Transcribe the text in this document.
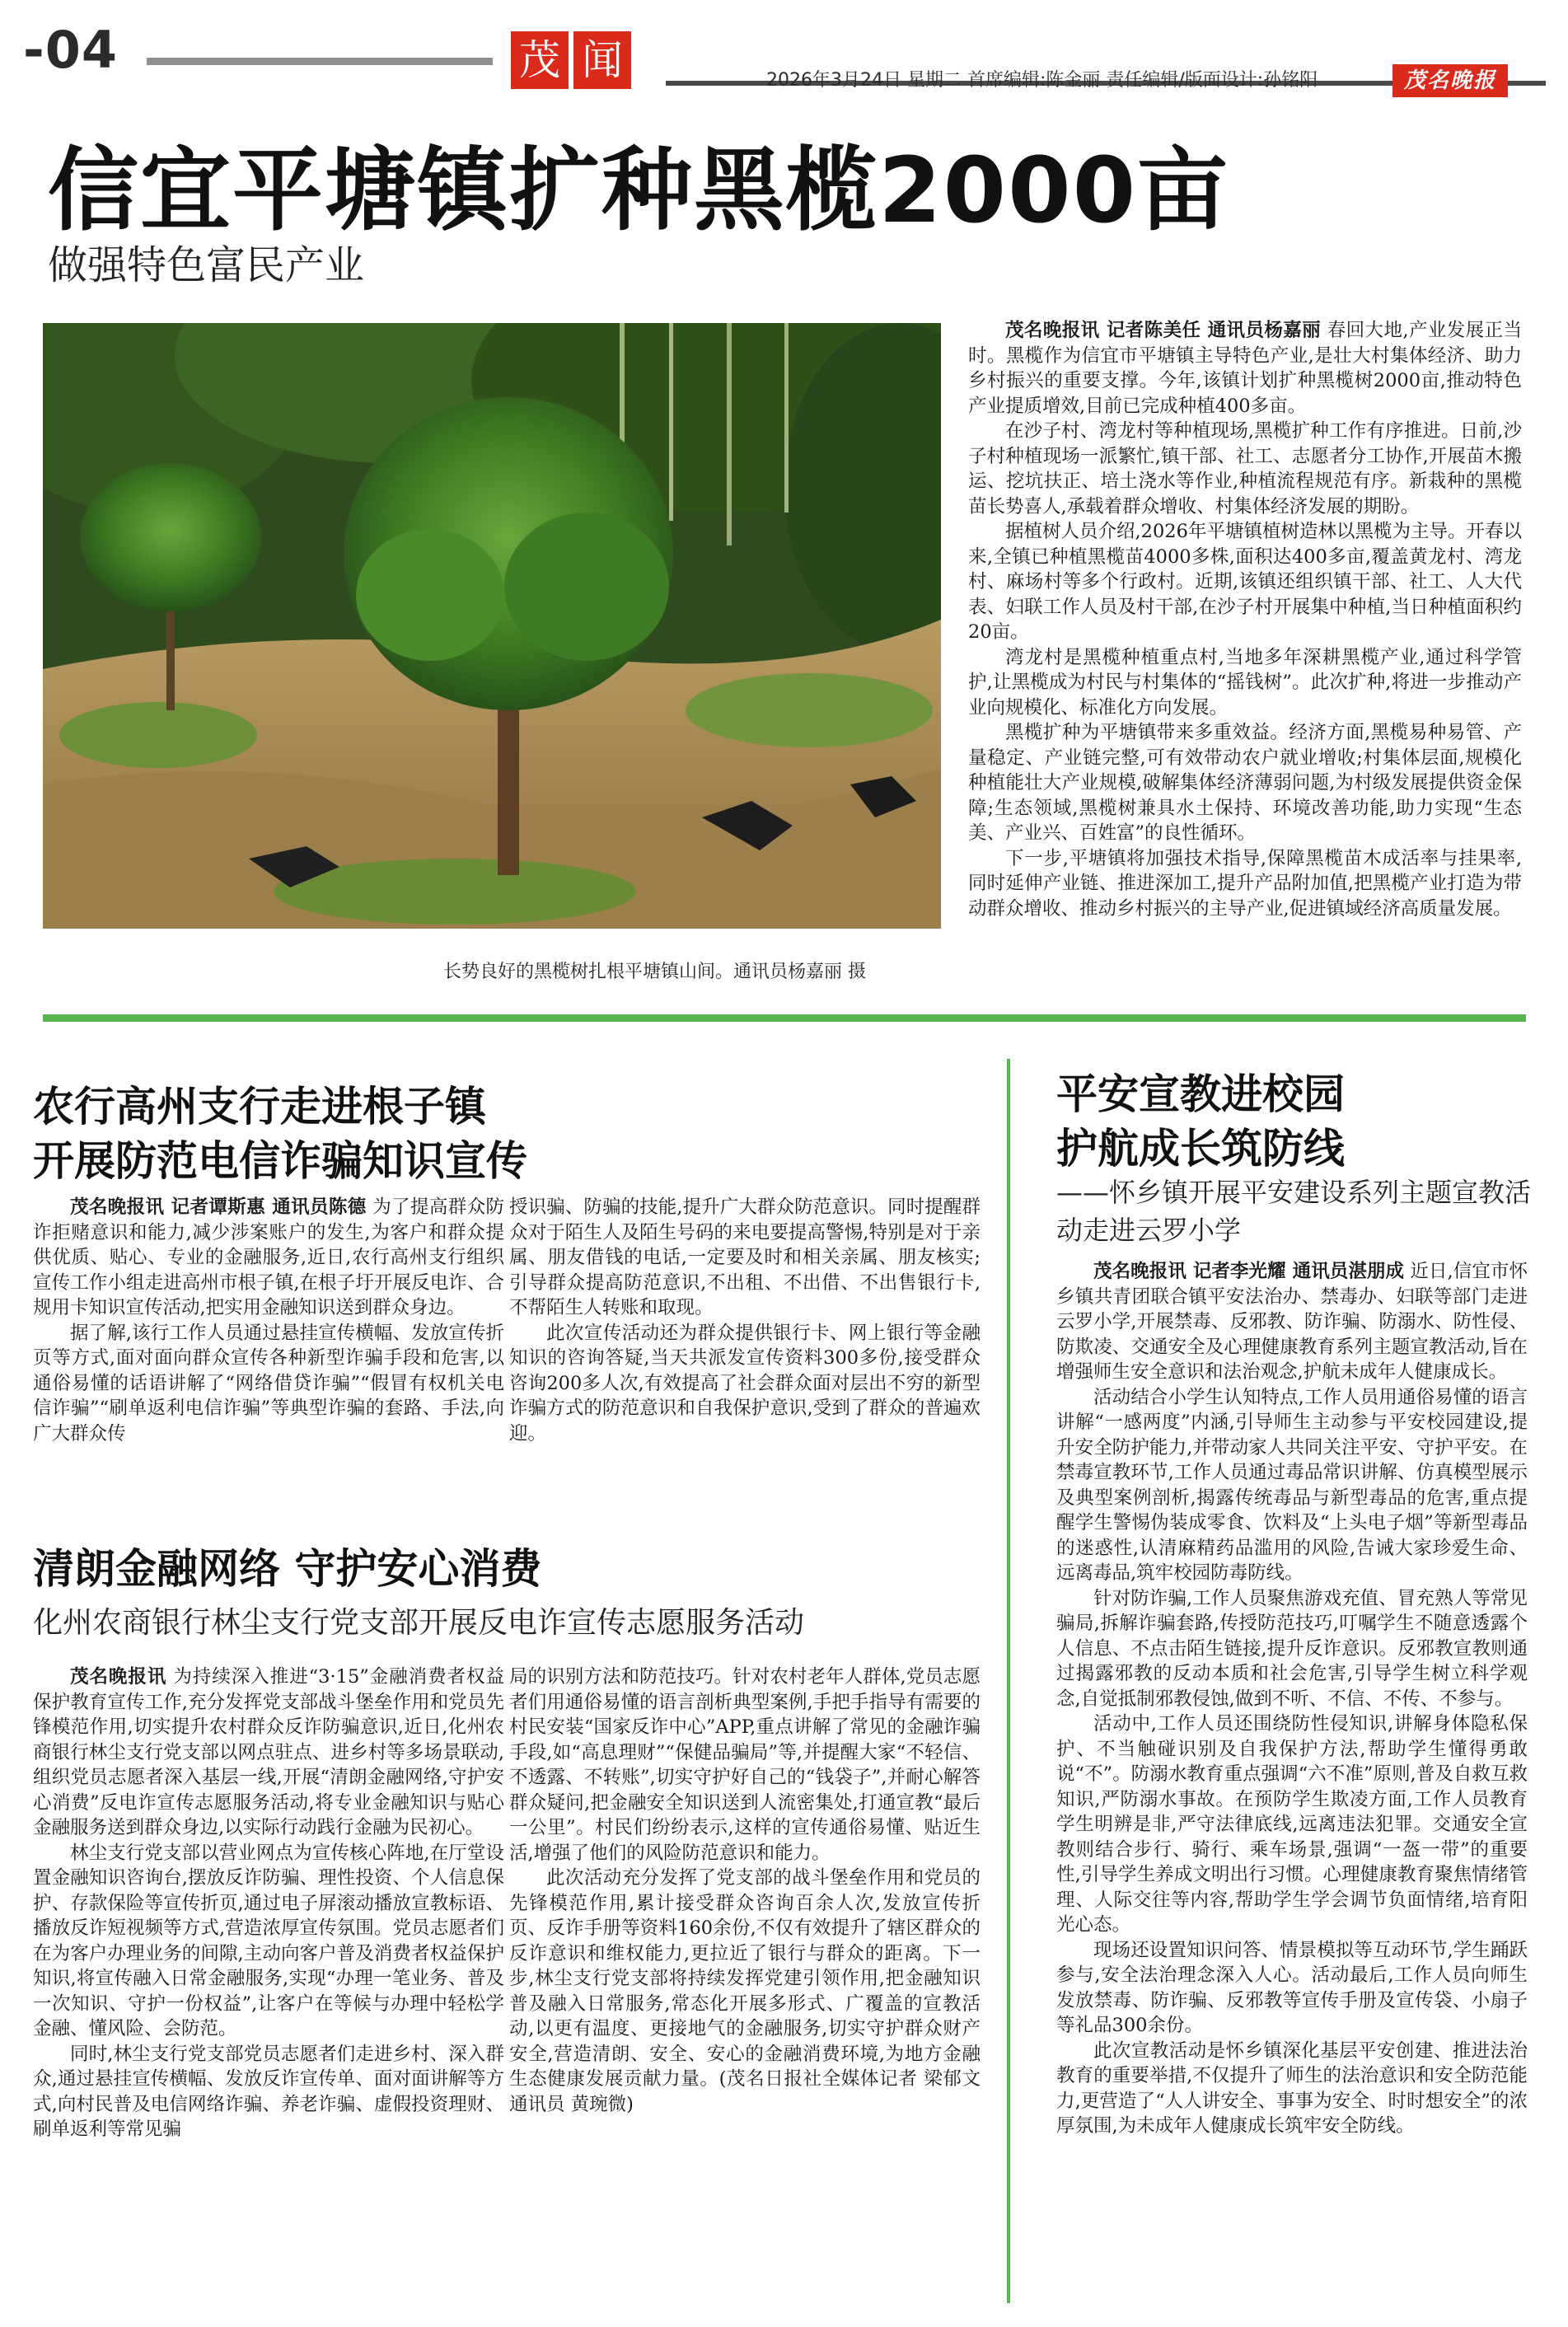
-04	茂 闻	2026年3月24日 星期二 首席编辑:陈金丽 责任编辑/版面设计:孙铭阳	茂名晚报
信宜平塘镇扩种黑榄2000亩
做强特色富民产业
长势良好的黑榄树扎根平塘镇山间。通讯员杨嘉丽 摄

茂名晚报讯 记者陈美任 通讯员杨嘉丽 春回大地,产业发展正当时。黑榄作为信宜市平塘镇主导特色产业,是壮大村集体经济、助力乡村振兴的重要支撑。今年,该镇计划扩种黑榄树2000亩,推动特色产业提质增效,目前已完成种植400多亩。

在沙子村、湾龙村等种植现场,黑榄扩种工作有序推进。日前,沙子村种植现场一派繁忙,镇干部、社工、志愿者分工协作,开展苗木搬运、挖坑扶正、培土浇水等作业,种植流程规范有序。新栽种的黑榄苗长势喜人,承载着群众增收、村集体经济发展的期盼。

据植树人员介绍,2026年平塘镇植树造林以黑榄为主导。开春以来,全镇已种植黑榄苗4000多株,面积达400多亩,覆盖黄龙村、湾龙村、麻场村等多个行政村。近期,该镇还组织镇干部、社工、人大代表、妇联工作人员及村干部,在沙子村开展集中种植,当日种植面积约20亩。

湾龙村是黑榄种植重点村,当地多年深耕黑榄产业,通过科学管护,让黑榄成为村民与村集体的“摇钱树”。此次扩种,将进一步推动产业向规模化、标准化方向发展。

黑榄扩种为平塘镇带来多重效益。经济方面,黑榄易种易管、产量稳定、产业链完整,可有效带动农户就业增收;村集体层面,规模化种植能壮大产业规模,破解集体经济薄弱问题,为村级发展提供资金保障;生态领域,黑榄树兼具水土保持、环境改善功能,助力实现“生态美、产业兴、百姓富”的良性循环。

下一步,平塘镇将加强技术指导,保障黑榄苗木成活率与挂果率,同时延伸产业链、推进深加工,提升产品附加值,把黑榄产业打造为带动群众增收、推动乡村振兴的主导产业,促进镇域经济高质量发展。

农行高州支行走进根子镇
开展防范电信诈骗知识宣传

茂名晚报讯 记者谭斯惠 通讯员陈德 为了提高群众防诈拒赌意识和能力,减少涉案账户的发生,为客户和群众提供优质、贴心、专业的金融服务,近日,农行高州支行组织宣传工作小组走进高州市根子镇,在根子圩开展反电诈、合规用卡知识宣传活动,把实用金融知识送到群众身边。

据了解,该行工作人员通过悬挂宣传横幅、发放宣传折页等方式,面对面向群众宣传各种新型诈骗手段和危害,以通俗易懂的话语讲解了“网络借贷诈骗”“假冒有权机关电信诈骗”“刷单返利电信诈骗”等典型诈骗的套路、手法,向广大群众传

授识骗、防骗的技能,提升广大群众防范意识。同时提醒群众对于陌生人及陌生号码的来电要提高警惕,特别是对于亲属、朋友借钱的电话,一定要及时和相关亲属、朋友核实;引导群众提高防范意识,不出租、不出借、不出售银行卡,不帮陌生人转账和取现。

此次宣传活动还为群众提供银行卡、网上银行等金融知识的咨询答疑,当天共派发宣传资料300多份,接受群众咨询200多人次,有效提高了社会群众面对层出不穷的新型诈骗方式的防范意识和自我保护意识,受到了群众的普遍欢迎。

清朗金融网络 守护安心消费
化州农商银行林尘支行党支部开展反电诈宣传志愿服务活动

茂名晚报讯 为持续深入推进“3·15”金融消费者权益保护教育宣传工作,充分发挥党支部战斗堡垒作用和党员先锋模范作用,切实提升农村群众反诈防骗意识,近日,化州农商银行林尘支行党支部以网点驻点、进乡村等多场景联动,组织党员志愿者深入基层一线,开展“清朗金融网络,守护安心消费”反电诈宣传志愿服务活动,将专业金融知识与贴心金融服务送到群众身边,以实际行动践行金融为民初心。

林尘支行党支部以营业网点为宣传核心阵地,在厅堂设置金融知识咨询台,摆放反诈防骗、理性投资、个人信息保护、存款保险等宣传折页,通过电子屏滚动播放宣教标语、播放反诈短视频等方式,营造浓厚宣传氛围。党员志愿者们在为客户办理业务的间隙,主动向客户普及消费者权益保护知识,将宣传融入日常金融服务,实现“办理一笔业务、普及一次知识、守护一份权益”,让客户在等候与办理中轻松学金融、懂风险、会防范。

同时,林尘支行党支部党员志愿者们走进乡村、深入群众,通过悬挂宣传横幅、发放反诈宣传单、面对面讲解等方式,向村民普及电信网络诈骗、养老诈骗、虚假投资理财、刷单返利等常见骗

局的识别方法和防范技巧。针对农村老年人群体,党员志愿者们用通俗易懂的语言剖析典型案例,手把手指导有需要的村民安装“国家反诈中心”APP,重点讲解了常见的金融诈骗手段,如“高息理财”“保健品骗局”等,并提醒大家“不轻信、不透露、不转账”,切实守护好自己的“钱袋子”,并耐心解答群众疑问,把金融安全知识送到人流密集处,打通宣教“最后一公里”。村民们纷纷表示,这样的宣传通俗易懂、贴近生活,增强了他们的风险防范意识和能力。

此次活动充分发挥了党支部的战斗堡垒作用和党员的先锋模范作用,累计接受群众咨询百余人次,发放宣传折页、反诈手册等资料160余份,不仅有效提升了辖区群众的反诈意识和维权能力,更拉近了银行与群众的距离。下一步,林尘支行党支部将持续发挥党建引领作用,把金融知识普及融入日常服务,常态化开展多形式、广覆盖的宣教活动,以更有温度、更接地气的金融服务,切实守护群众财产安全,营造清朗、安全、安心的金融消费环境,为地方金融生态健康发展贡献力量。(茂名日报社全媒体记者 梁郁文 通讯员 黄琬微)

平安宣教进校园
护航成长筑防线
——怀乡镇开展平安建设系列主题宣教活动走进云罗小学

茂名晚报讯 记者李光耀 通讯员湛朋成 近日,信宜市怀乡镇共青团联合镇平安法治办、禁毒办、妇联等部门走进云罗小学,开展禁毒、反邪教、防诈骗、防溺水、防性侵、防欺凌、交通安全及心理健康教育系列主题宣教活动,旨在增强师生安全意识和法治观念,护航未成年人健康成长。

活动结合小学生认知特点,工作人员用通俗易懂的语言讲解“一感两度”内涵,引导师生主动参与平安校园建设,提升安全防护能力,并带动家人共同关注平安、守护平安。在禁毒宣教环节,工作人员通过毒品常识讲解、仿真模型展示及典型案例剖析,揭露传统毒品与新型毒品的危害,重点提醒学生警惕伪装成零食、饮料及“上头电子烟”等新型毒品的迷惑性,认清麻精药品滥用的风险,告诫大家珍爱生命、远离毒品,筑牢校园防毒防线。

针对防诈骗,工作人员聚焦游戏充值、冒充熟人等常见骗局,拆解诈骗套路,传授防范技巧,叮嘱学生不随意透露个人信息、不点击陌生链接,提升反诈意识。反邪教宣教则通过揭露邪教的反动本质和社会危害,引导学生树立科学观念,自觉抵制邪教侵蚀,做到不听、不信、不传、不参与。

活动中,工作人员还围绕防性侵知识,讲解身体隐私保护、不当触碰识别及自我保护方法,帮助学生懂得勇敢说“不”。防溺水教育重点强调“六不准”原则,普及自救互救知识,严防溺水事故。在预防学生欺凌方面,工作人员教育学生明辨是非,严守法律底线,远离违法犯罪。交通安全宣教则结合步行、骑行、乘车场景,强调“一盔一带”的重要性,引导学生养成文明出行习惯。心理健康教育聚焦情绪管理、人际交往等内容,帮助学生学会调节负面情绪,培育阳光心态。

现场还设置知识问答、情景模拟等互动环节,学生踊跃参与,安全法治理念深入人心。活动最后,工作人员向师生发放禁毒、防诈骗、反邪教等宣传手册及宣传袋、小扇子等礼品300余份。

此次宣教活动是怀乡镇深化基层平安创建、推进法治教育的重要举措,不仅提升了师生的法治意识和安全防范能力,更营造了“人人讲安全、事事为安全、时时想安全”的浓厚氛围,为未成年人健康成长筑牢安全防线。
